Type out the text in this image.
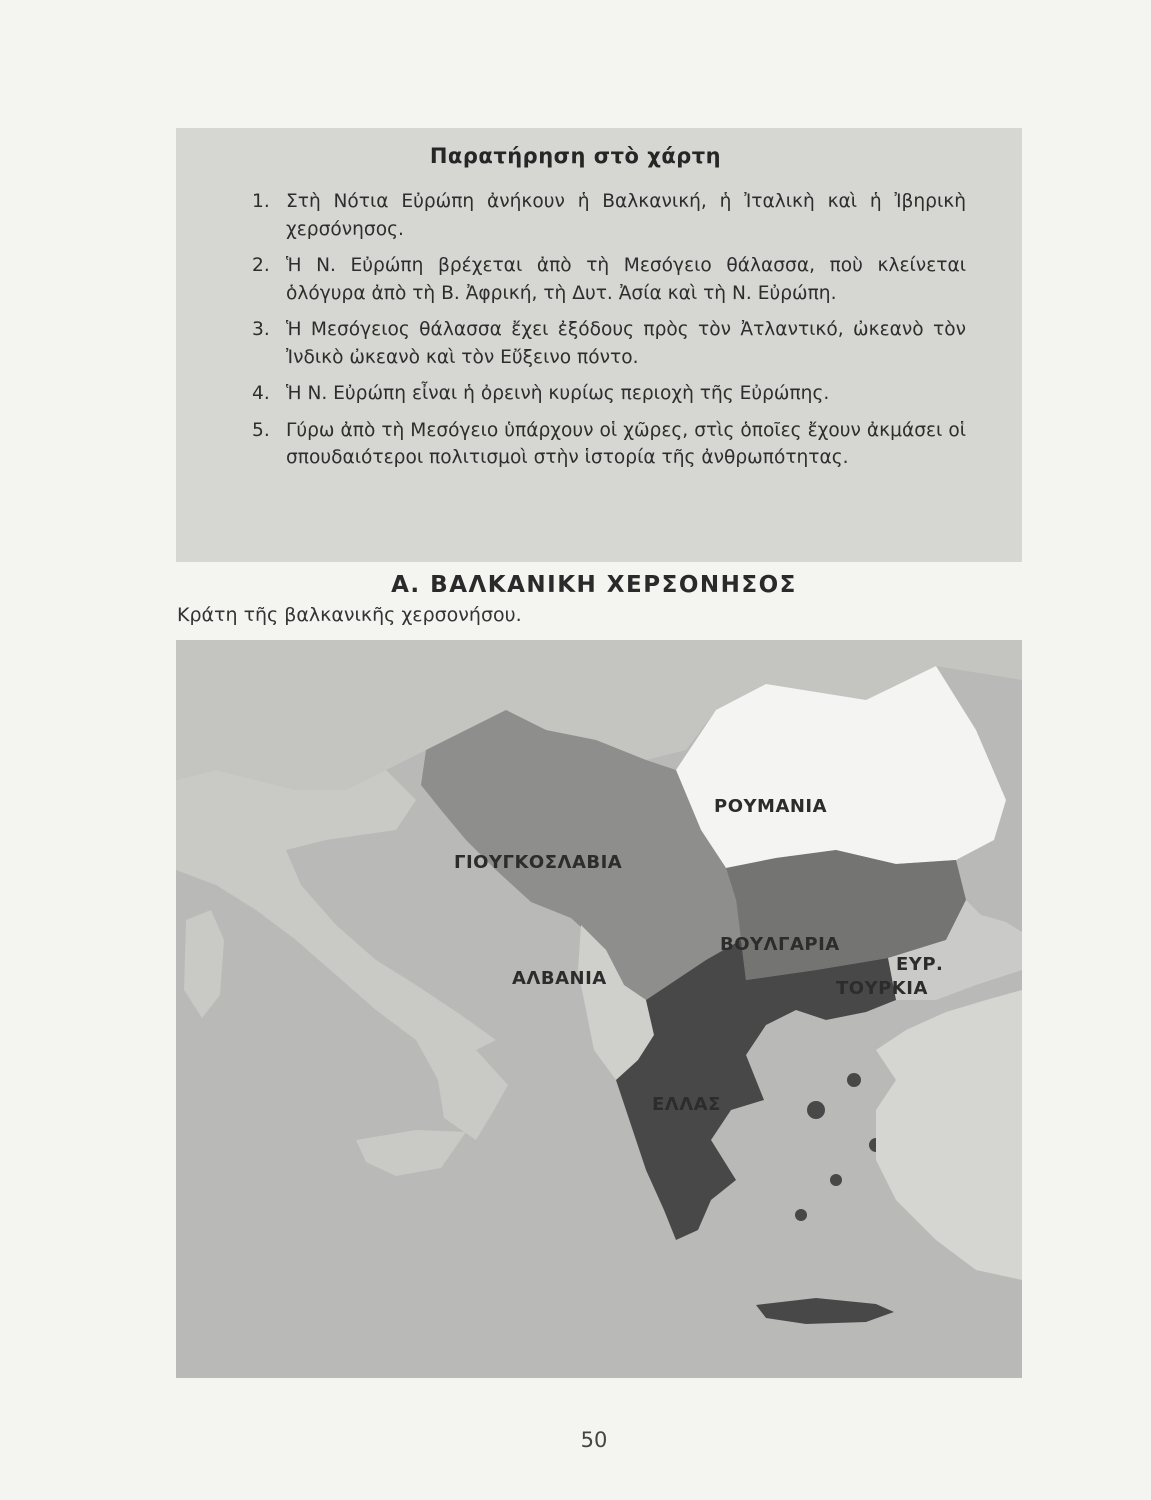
Παρατήρηση στὸ χάρτη
1. Στὴ Νότια Εὐρώπη ἀνήκουν ἡ Βαλκανική, ἡ Ἰταλικὴ καὶ ἡ Ἰβηρικὴ χερσόνησος.
2. Ἡ Ν. Εὐρώπη βρέχεται ἀπὸ τὴ Μεσόγειο θάλασσα, ποὺ κλείνεται ὁλόγυρα ἀπὸ τὴ Β. Ἀφρική, τὴ Δυτ. Ἀσία καὶ τὴ Ν. Εὐρώπη.
3. Ἡ Μεσόγειος θάλασσα ἔχει ἐξόδους πρὸς τὸν Ἀτλαντικό, ὠκεανὸ τὸν Ἰνδικὸ ὠκεανὸ καὶ τὸν Εὔξεινο πόντο.
4. Ἡ Ν. Εὐρώπη εἶναι ἡ ὀρεινὴ κυρίως περιοχὴ τῆς Εὐρώπης.
5. Γύρω ἀπὸ τὴ Μεσόγειο ὑπάρχουν οἱ χῶρες, στὶς ὁποῖες ἔχουν ἀκμάσει οἱ σπουδαιότεροι πολιτισμοὶ στὴν ἱστορία τῆς ἀνθρωπότητας.
Α. ΒΑΛΚΑΝΙΚΗ ΧΕΡΣΟΝΗΣΟΣ
Κράτη τῆς βαλκανικῆς χερσονήσου.
ΡΟΥΜΑΝΙΑ
ΓΙΟΥΓΚΟΣΛΑΒΙΑ
ΒΟΥΛΓΑΡΙΑ
ΑΛΒΑΝΙΑ
ΕΥΡ.
ΤΟΥΡΚΙΑ
ΕΛΛΑΣ
50
